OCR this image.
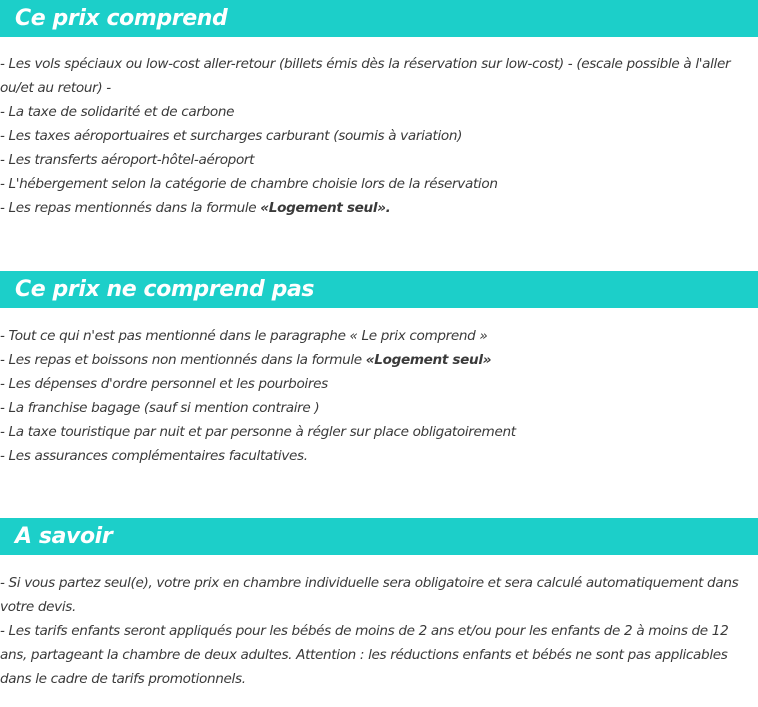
Ce prix comprend
- Les vols spéciaux ou low-cost aller-retour (billets émis dès la réservation sur low-cost) - (escale possible à l'aller ou/et au retour) -
- La taxe de solidarité et de carbone
- Les taxes aéroportuaires et surcharges carburant (soumis à variation)
- Les transferts aéroport-hôtel-aéroport
- L'hébergement selon la catégorie de chambre choisie lors de la réservation
- Les repas mentionnés dans la formule «Logement seul».
Ce prix ne comprend pas
- Tout ce qui n'est pas mentionné dans le paragraphe « Le prix comprend »
- Les repas et boissons non mentionnés dans la formule «Logement seul»
- Les dépenses d'ordre personnel et les pourboires
- La franchise bagage (sauf si mention contraire )
- La taxe touristique par nuit et par personne à régler sur place obligatoirement
- Les assurances complémentaires facultatives.
A savoir
- Si vous partez seul(e), votre prix en chambre individuelle sera obligatoire et sera calculé automatiquement dans votre devis.
- Les tarifs enfants seront appliqués pour les bébés de moins de 2 ans et/ou pour les enfants de 2 à moins de 12 ans, partageant la chambre de deux adultes. Attention : les réductions enfants et bébés ne sont pas applicables dans le cadre de tarifs promotionnels.
